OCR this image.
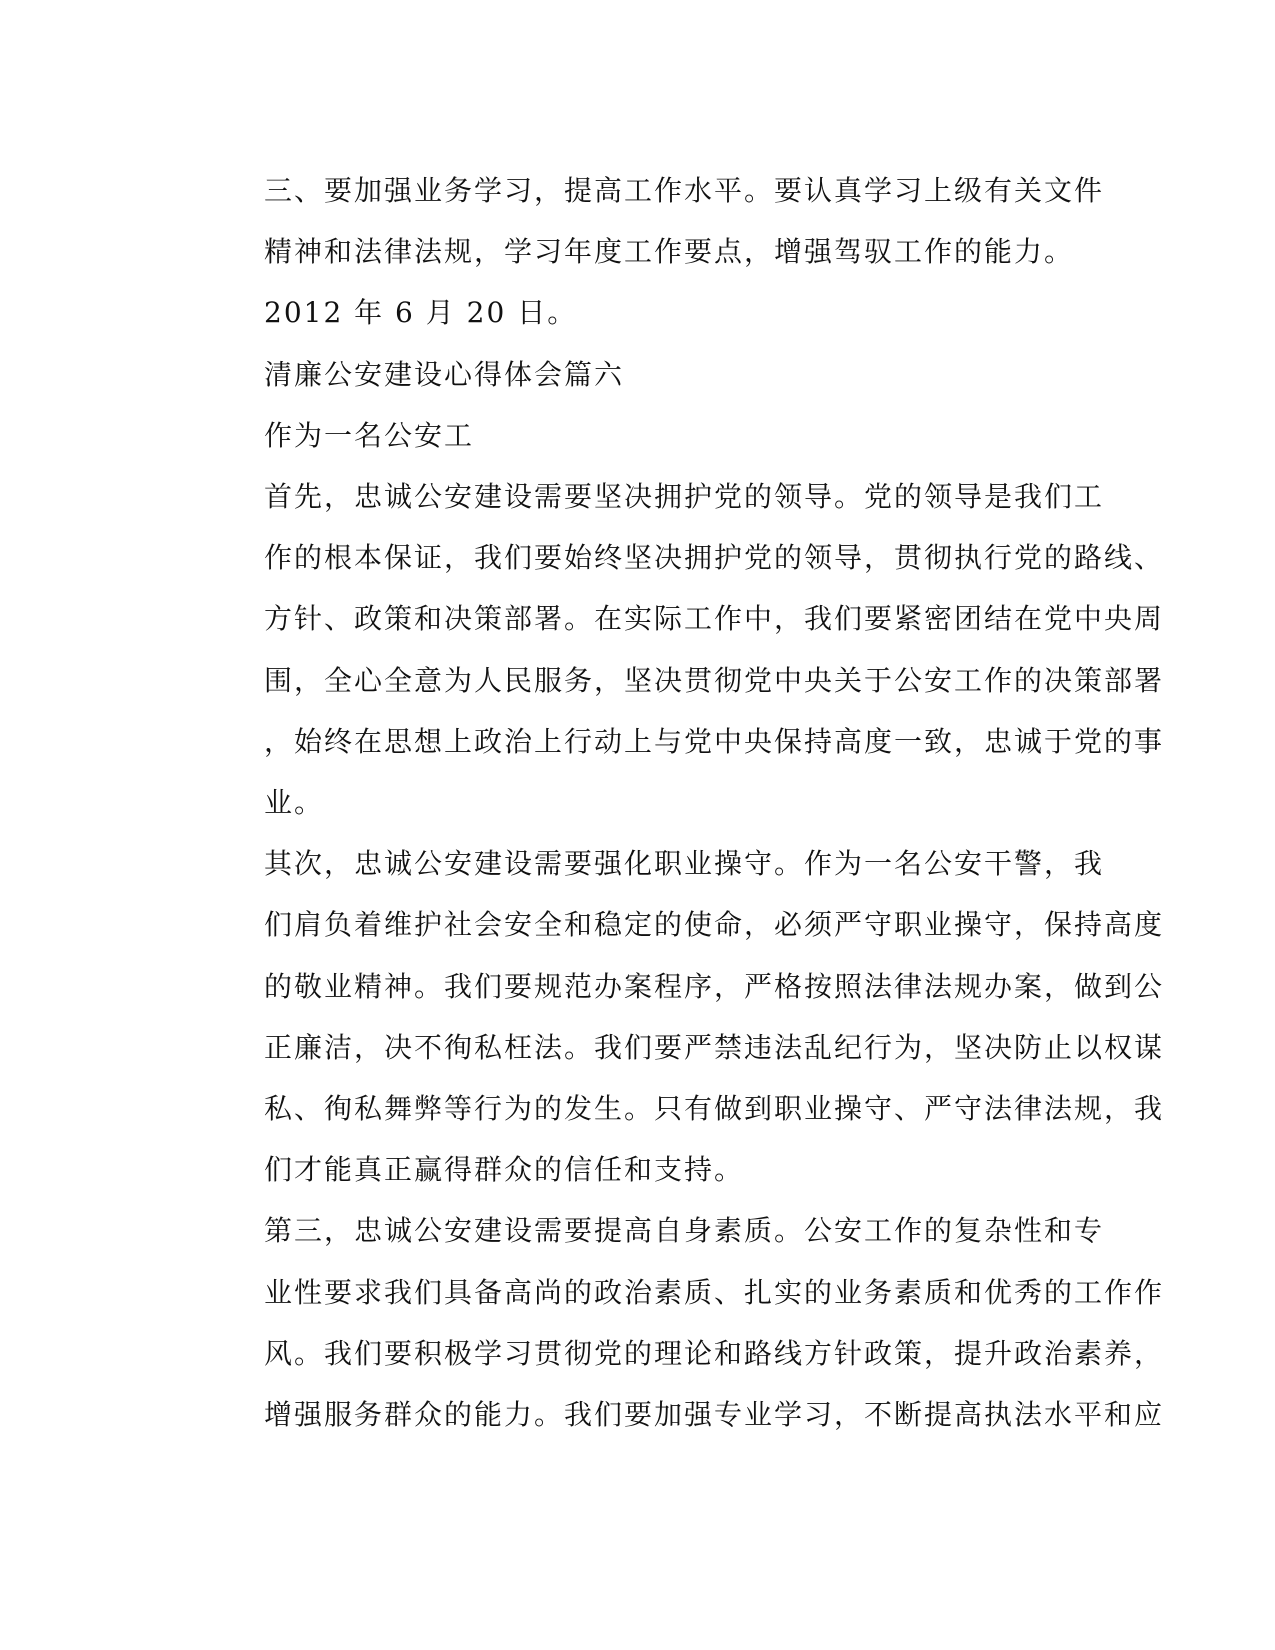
三、要加强业务学习，提高工作水平。要认真学习上级有关文件
精神和法律法规，学习年度工作要点，增强驾驭工作的能力。

2012 年 6 月 20 日。

清廉公安建设心得体会篇六

作为一名公安工

首先，忠诚公安建设需要坚决拥护党的领导。党的领导是我们工
作的根本保证，我们要始终坚决拥护党的领导，贯彻执行党的路线、
方针、政策和决策部署。在实际工作中，我们要紧密团结在党中央周
围，全心全意为人民服务，坚决贯彻党中央关于公安工作的决策部署
，始终在思想上政治上行动上与党中央保持高度一致，忠诚于党的事
业。

其次，忠诚公安建设需要强化职业操守。作为一名公安干警，我
们肩负着维护社会安全和稳定的使命，必须严守职业操守，保持高度
的敬业精神。我们要规范办案程序，严格按照法律法规办案，做到公
正廉洁，决不徇私枉法。我们要严禁违法乱纪行为，坚决防止以权谋
私、徇私舞弊等行为的发生。只有做到职业操守、严守法律法规，我
们才能真正赢得群众的信任和支持。

第三，忠诚公安建设需要提高自身素质。公安工作的复杂性和专
业性要求我们具备高尚的政治素质、扎实的业务素质和优秀的工作作
风。我们要积极学习贯彻党的理论和路线方针政策，提升政治素养，
增强服务群众的能力。我们要加强专业学习，不断提高执法水平和应
